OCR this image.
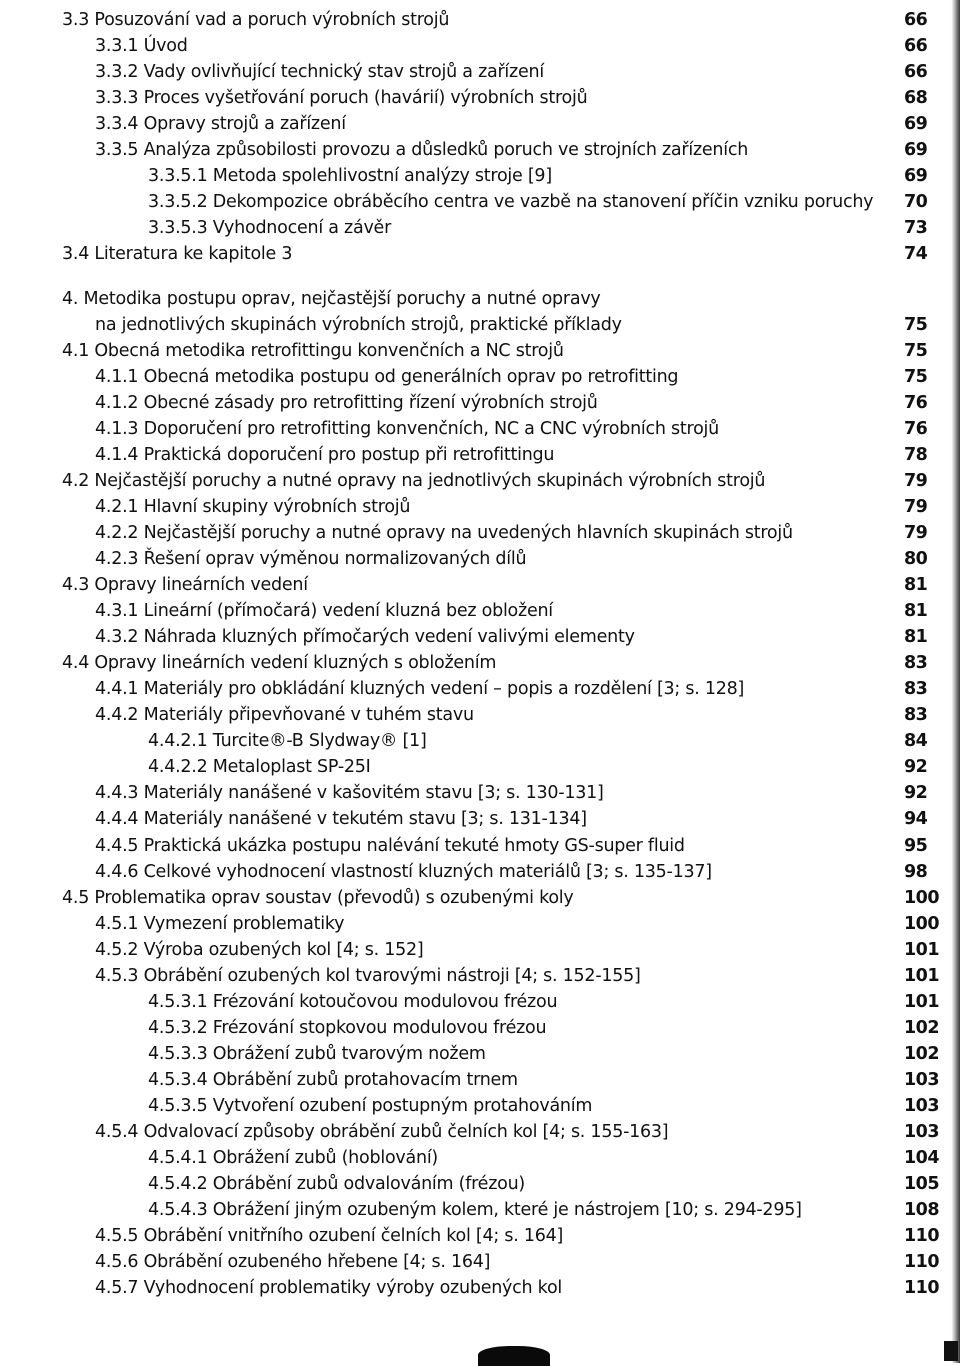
3.3 Posuzování vad a poruch výrobních strojů	66
3.3.1 Úvod	66
3.3.2 Vady ovlivňující technický stav strojů a zařízení	66
3.3.3 Proces vyšetřování poruch (havárií) výrobních strojů	68
3.3.4 Opravy strojů a zařízení	69
3.3.5 Analýza způsobilosti provozu a důsledků poruch ve strojních zařízeních	69
3.3.5.1 Metoda spolehlivostní analýzy stroje [9]	69
3.3.5.2 Dekompozice obráběcího centra ve vazbě na stanovení příčin vzniku poruchy 70
3.3.5.3 Vyhodnocení a závěr	73
3.4 Literatura ke kapitole 3	74
4. Metodika postupu oprav, nejčastější poruchy a nutné opravy
na jednotlivých skupinách výrobních strojů, praktické příklady	75
4.1 Obecná metodika retrofittingu konvenčních a NC strojů	75
4.1.1 Obecná metodika postupu od generálních oprav po retrofitting	75
4.1.2 Obecné zásady pro retrofitting řízení výrobních strojů	76
4.1.3 Doporučení pro retrofitting konvenčních, NC a CNC výrobních strojů	76
4.1.4 Praktická doporučení pro postup při retrofittingu	78
4.2 Nejčastější poruchy a nutné opravy na jednotlivých skupinách výrobních strojů	79
4.2.1 Hlavní skupiny výrobních strojů	79
4.2.2 Nejčastější poruchy a nutné opravy na uvedených hlavních skupinách strojů	79
4.2.3 Řešení oprav výměnou normalizovaných dílů	80
4.3 Opravy lineárních vedení	81
4.3.1 Lineární (přímočará) vedení kluzná bez obložení	81
4.3.2 Náhrada kluzných přímočarých vedení valivými elementy	81
4.4 Opravy lineárních vedení kluzných s obložením	83
4.4.1 Materiály pro obkládání kluzných vedení – popis a rozdělení [3; s. 128]	83
4.4.2 Materiály připevňované v tuhém stavu	83
4.4.2.1 Turcite®-B Slydway® [1]	84
4.4.2.2 Metaloplast SP-25I	92
4.4.3 Materiály nanášené v kašovitém stavu [3; s. 130-131]	92
4.4.4 Materiály nanášené v tekutém stavu [3; s. 131-134]	94
4.4.5 Praktická ukázka postupu nalévání tekuté hmoty GS-super fluid	95
4.4.6 Celkové vyhodnocení vlastností kluzných materiálů [3; s. 135-137]	98
4.5 Problematika oprav soustav (převodů) s ozubenými koly	100
4.5.1 Vymezení problematiky	100
4.5.2 Výroba ozubených kol [4; s. 152]	101
4.5.3 Obrábění ozubených kol tvarovými nástroji [4; s. 152-155]	101
4.5.3.1 Frézování kotoučovou modulovou frézou	101
4.5.3.2 Frézování stopkovou modulovou frézou	102
4.5.3.3 Obrážení zubů tvarovým nožem	102
4.5.3.4 Obrábění zubů protahovacím trnem	103
4.5.3.5 Vytvoření ozubení postupným protahováním	103
4.5.4 Odvalovací způsoby obrábění zubů čelních kol [4; s. 155-163]	103
4.5.4.1 Obrážení zubů (hoblování)	104
4.5.4.2 Obrábění zubů odvalováním (frézou)	105
4.5.4.3 Obrážení jiným ozubeným kolem, které je nástrojem [10; s. 294-295]	108
4.5.5 Obrábění vnitřního ozubení čelních kol [4; s. 164]	110
4.5.6 Obrábění ozubeného hřebene [4; s. 164]	110
4.5.7 Vyhodnocení problematiky výroby ozubených kol	110
